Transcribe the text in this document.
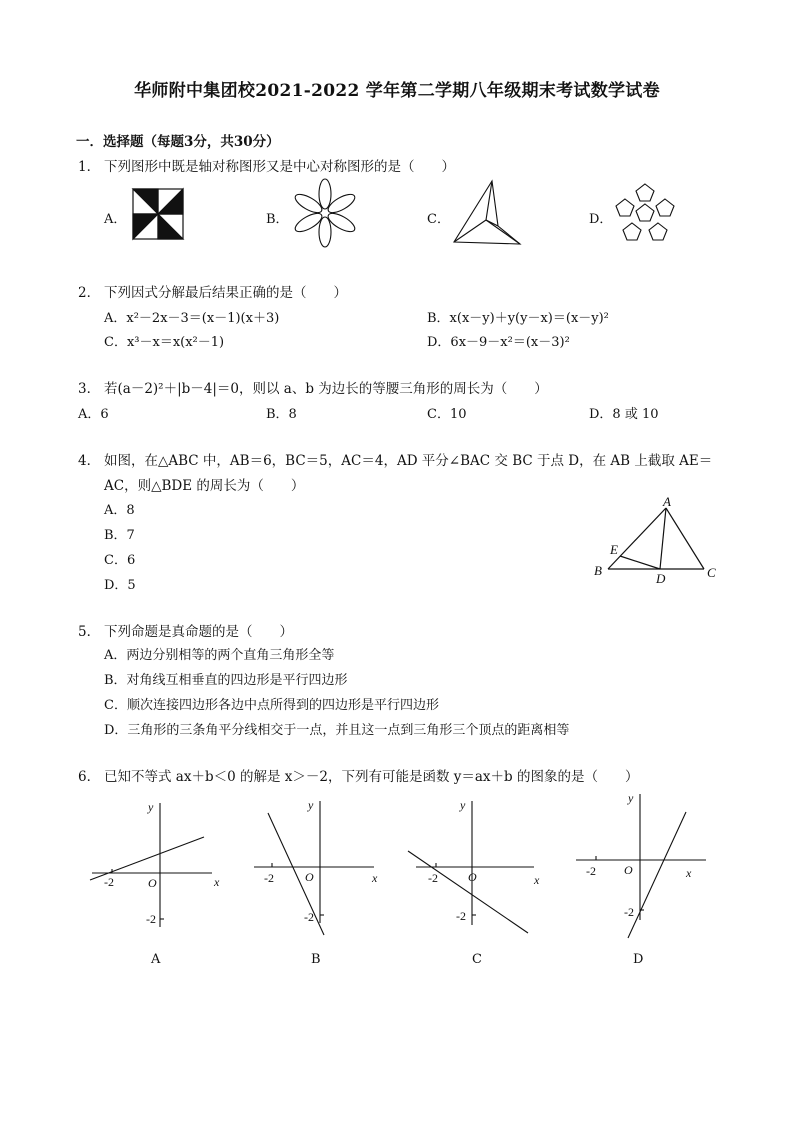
华师附中集团校2021-2022 学年第二学期八年级期末考试数学试卷
一．选择题（每题3分，共30分）
1． 下列图形中既是轴对称图形又是中心对称图形的是（　　）
A．	B．	C．	D．
2． 下列因式分解最后结果正确的是（　　）
A．x²－2x－3＝(x－1)(x＋3)	B．x(x－y)＋y(y－x)＝(x－y)²
C．x³－x＝x(x²－1)	D．6x－9－x²＝(x－3)²
3． 若(a－2)²＋|b－4|＝0，则以 a、b 为边长的等腰三角形的周长为（　　）
A．6	B．8	C．10	D．8 或 10
4． 如图，在△ABC 中，AB＝6，BC＝5，AC＝4，AD 平分∠BAC 交 BC 于点 D，在 AB 上截取 AE＝
AC，则△BDE 的周长为（　　）
A．8
B．7
C．6
D．5
A
B	C
D
E
5． 下列命题是真命题的是（　　）
A．两边分别相等的两个直角三角形全等
B．对角线互相垂直的四边形是平行四边形
C．顺次连接四边形各边中点所得到的四边形是平行四边形
D．三角形的三条角平分线相交于一点，并且这一点到三角形三个顶点的距离相等
6． 已知不等式 ax＋b＜0 的解是 x＞－2，下列有可能是函数 y＝ax＋b 的图象的是（　　）
y
x
O
-2
-2
A
y
x
O
-2
-2
B
y
x
O
-2
-2
C
y
x
O
-2
-2
D
